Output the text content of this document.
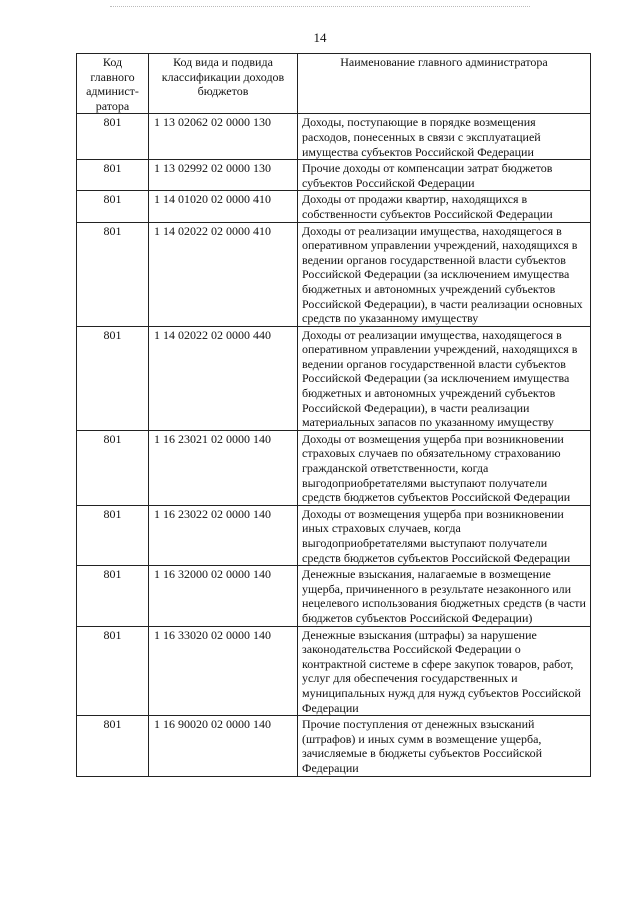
14
Код главного админист-ратора	Код вида и подвида классификации доходов бюджетов	Наименование главного администратора
801	1 13 02062 02 0000 130	Доходы, поступающие в порядке возмещения расходов, понесенных в связи с эксплуатацией имущества субъектов Российской Федерации
801	1 13 02992 02 0000 130	Прочие доходы от компенсации затрат бюджетов субъектов Российской Федерации
801	1 14 01020 02 0000 410	Доходы от продажи квартир, находящихся в собственности субъектов Российской Федерации
801	1 14 02022 02 0000 410	Доходы от реализации имущества, находящегося в оперативном управлении учреждений, находящихся в ведении органов государственной власти субъектов Российской Федерации (за исключением имущества бюджетных и автономных учреждений субъектов Российской Федерации), в части реализации основных средств по указанному имуществу
801	1 14 02022 02 0000 440	Доходы от реализации имущества, находящегося в оперативном управлении учреждений, находящихся в ведении органов государственной власти субъектов Российской Федерации (за исключением имущества бюджетных и автономных учреждений субъектов Российской Федерации), в части реализации материальных запасов по указанному имуществу
801	1 16 23021 02 0000 140	Доходы от возмещения ущерба при возникновении страховых случаев по обязательному страхованию гражданской ответственности, когда выгодоприобретателями выступают получатели средств бюджетов субъектов Российской Федерации
801	1 16 23022 02 0000 140	Доходы от возмещения ущерба при возникновении иных страховых случаев, когда выгодоприобретателями выступают получатели средств бюджетов субъектов Российской Федерации
801	1 16 32000 02 0000 140	Денежные взыскания, налагаемые в возмещение ущерба, причиненного в результате незаконного или нецелевого использования бюджетных средств (в части бюджетов субъектов Российской Федерации)
801	1 16 33020 02 0000 140	Денежные взыскания (штрафы) за нарушение законодательства Российской Федерации о контрактной системе в сфере закупок товаров, работ, услуг для обеспечения государственных и муниципальных нужд для нужд субъектов Российской Федерации
801	1 16 90020 02 0000 140	Прочие поступления от денежных взысканий (штрафов) и иных сумм в возмещение ущерба, зачисляемые в бюджеты субъектов Российской Федерации
